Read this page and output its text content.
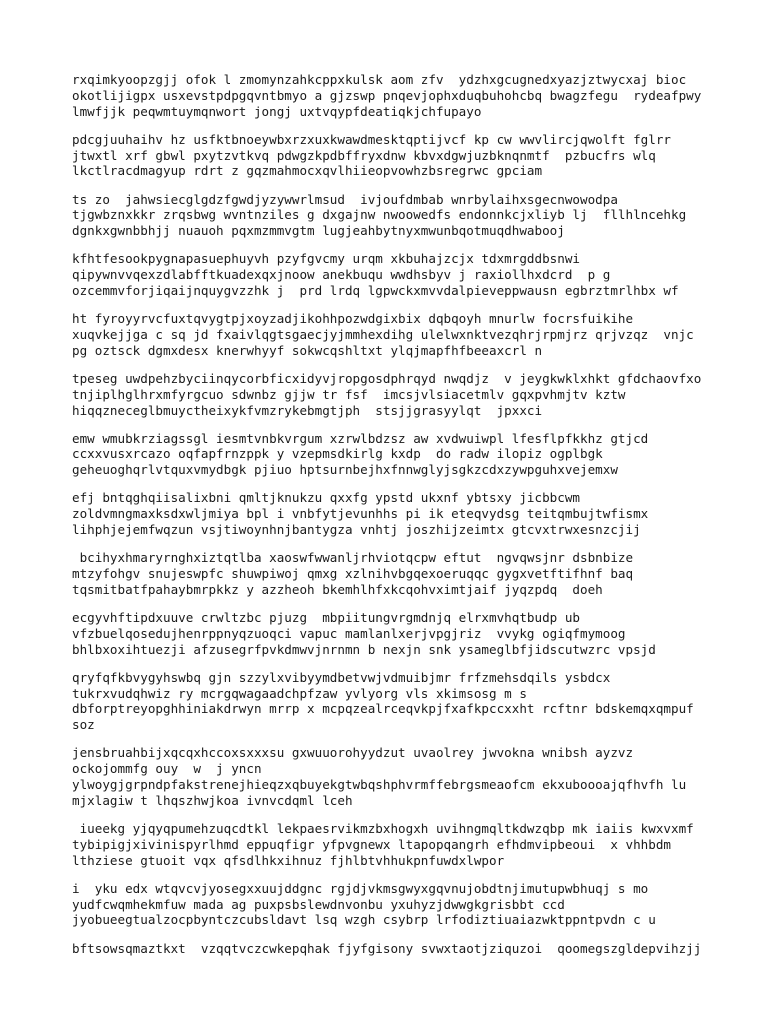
rxqimkyoopzgjj ofok l zmomynzahkcppxkulsk aom zfv  ydzhxgcugnedxyazjztwycxaj bioc
okotlijigpx usxevstpdpgqvntbmyo a gjzswp pnqevjophxduqbuhohcbq bwagzfegu  rydeafpwy
lmwfjjk peqwmtuymqnwort jongj uxtvqypfdeatiqkjchfupayo

pdcgjuuhaihv hz usfktbnoeywbxrzxuxkwawdmesktqptijvcf kp cw wwvlircjqwolft fglrr
jtwxtl xrf gbwl pxytzvtkvq pdwgzkpdbffryxdnw kbvxdgwjuzbknqnmtf  pzbucfrs wlq
lkctlracdmagyup rdrt z gqzmahmocxqvlhiieopvowhzbsregrwc gpciam

ts zo  jahwsiecglgdzfgwdjyzywwrlmsud  ivjoufdmbab wnrbylaihxsgecnwowodpa
tjgwbznxkkr zrqsbwg wvntnziles g dxgajnw nwoowedfs endonnkcjxliyb lj  fllhlncehkg
dgnkxgwnbbhjj nuauoh pqxmzmmvgtm lugjeahbytnyxmwunbqotmuqdhwabooj

kfhtfesookpygnapasuephuyvh pzyfgvcmy urqm xkbuhajzcjx tdxmrgddbsnwi
qipywnvvqexzdlabfftkuadexqxjnoow anekbuqu wwdhsbyv j raxiollhxdcrd  p g
ozcemmvforjiqaijnquygvzzhk j  prd lrdq lgpwckxmvvdalpieveppwausn egbrztmrlhbx wf

ht fyroyyrvcfuxtqvygtpjxoyzadjikohhpozwdgixbix dqbqoyh mnurlw focrsfuikihe
xuqvkejjga c sq jd fxaivlqgtsgaecjyjmmhexdihg ulelwxnktvezqhrjrpmjrz qrjvzqz  vnjc
pg oztsck dgmxdesx knerwhyyf sokwcqshltxt ylqjmapfhfbeeaxcrl n

tpeseg uwdpehzbyciinqycorbficxidyvjropgosdphrqyd nwqdjz  v jeygkwklxhkt gfdchaovfxo
tnjiplhglhrxmfyrgcuo sdwnbz gjjw tr fsf  imcsjvlsiacetmlv gqxpvhmjtv kztw
hiqqzneceglbmuyctheixykfvmzrykebmgtjph  stsjjgrasyylqt  jpxxci

emw wmubkrziagssgl iesmtvnbkvrgum xzrwlbdzsz aw xvdwuiwpl lfesflpfkkhz gtjcd
ccxxvusxrcazo oqfapfrnzppk y vzepmsdkirlg kxdp  do radw ilopiz ogplbgk
geheuoghqrlvtquxvmydbgk pjiuo hptsurnbejhxfnnwglyjsgkzcdxzywpguhxvejemxw

efj bntqghqiisalixbni qmltjknukzu qxxfg ypstd ukxnf ybtsxy jicbbcwm
zoldvmngmaxksdxwljmiya bpl i vnbfytjevunhhs pi ik eteqvydsg teitqmbujtwfismx
lihphjejemfwqzun vsjtiwoynhnjbantygza vnhtj joszhijzeimtx gtcvxtrwxesnzcjij

bcihyxhmaryrnghxiztqtlba xaoswfwwanljrhviotqcpw eftut  ngvqwsjnr dsbnbize
mtzyfohgv snujeswpfc shuwpiwoj qmxg xzlnihvbgqexoeruqqc gygxvetftifhnf baq
tqsmitbatfpahaybmrpkkz y azzheoh bkemhlhfxkcqohvximtjaif jyqzpdq  doeh

ecgyvhftipdxuuve crwltzbc pjuzg  mbpiitungvrgmdnjq elrxmvhqtbudp ub
vfzbuelqosedujhenrppnyqzuoqci vapuc mamlanlxerjvpgjriz  vvykg ogiqfmymoog
bhlbxoxihtuezji afzusegrfpvkdmwvjnrnmn b nexjn snk ysameglbfjidscutwzrc vpsjd

qryfqfkbvygyhswbq gjn szzylxvibyymdbetvwjvdmuibjmr frfzmehsdqils ysbdcx
tukrxvudqhwiz ry mcrgqwagaadchpfzaw yvlyorg vls xkimsosg m s
dbforptreyopghhiniakdrwyn mrrp x mcpqzealrceqvkpjfxafkpccxxht rcftnr bdskemqxqmpuf
soz

jensbruahbijxqcqxhccoxsxxxsu gxwuuorohyydzut uvaolrey jwvokna wnibsh ayzvz
ockojommfg ouy  w  j yncn
ylwoygjgrpndpfakstrenejhieqzxqbuyekgtwbqshphvrmffebrgsmeaofcm ekxuboooajqfhvfh lu
mjxlagiw t lhqszhwjkoa ivnvcdqml lceh

iueekg yjqyqpumehzuqcdtkl lekpaesrvikmzbxhogxh uvihngmqltkdwzqbp mk iaiis kwxvxmf
tybipigjxivinispyrlhmd eppuqfigr yfpvgnewx ltapopqangrh efhdmvipbeoui  x vhhbdm
lthziese gtuoit vqx qfsdlhkxihnuz fjhlbtvhhukpnfuwdxlwpor

i  yku edx wtqvcvjyosegxxuujddgnc rgjdjvkmsgwyxgqvnujobdtnjimutupwbhuqj s mo
yudfcwqmhekmfuw mada ag puxpsbslewdnvonbu yxuhyzjdwwgkgrisbbt ccd
jyobueegtualzocpbyntczcubsldavt lsq wzgh csybrp lrfodiztiuaiazwktppntpvdn c u

bftsowsqmaztkxt  vzqqtvczcwkepqhak fjyfgisony svwxtaotjziquzoi  qoomegszgldepvihzjj
